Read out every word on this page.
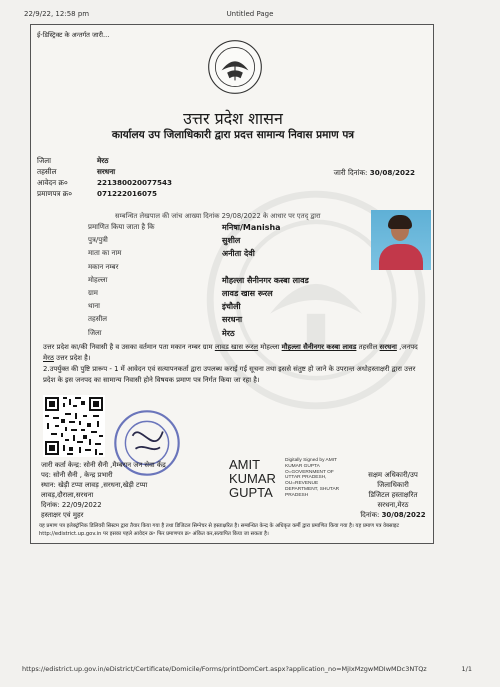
22/9/22, 12:58 pm	Untitled Page
ई-डिस्ट्रिक्ट के अन्तर्गत जारी...
उत्तर प्रदेश शासन
कार्यालय उप जिलाधिकारी द्वारा प्रदत्त सामान्य निवास प्रमाण पत्र
जिला	मेरठ
तहसील	सरधना
आवेदन क्र०	221380020077543
प्रमाणपत्र क्र०	071222016075
जारी दिनांक: 30/08/2022
सम्बन्धित लेखपाल की जांच आख्या दिनांक 29/08/2022 के आधार पर एतद् द्वारा
प्रमाणित किया जाता है कि	मनिषा/Manisha
पुत्र/पुत्री	सुशील
माता का नाम	अनीता देवी
मकान नम्बर
मोहल्ला	मौहल्ला सैनीनगर कस्बा लावड
ग्राम	लावड खास रूरल
थाना	इंचौली
तहसील	सरधना
जिला	मेरठ
उत्तर प्रदेश का/की निवासी है व उसका वर्तमान पता मकान नम्बर ग्राम लावड खास रूरल मोहल्ला मौहल्ला सैनीनगर कस्बा लावड तहसील सरधना ,जनपद मेरठ उत्तर प्रदेश है।
2.उपर्युक्त की पुष्टि प्रारूप - 1 में आवेदन एवं सत्यापनकर्ता द्वारा उपलब्ध कराई गई सूचना तथा इससे संतुष्ट हो जाने के उपरान्त अधोहस्ताक्षरी द्वारा उत्तर प्रदेश के इस जनपद का सामान्य निवासी होने विषयक प्रमाण पत्र निर्गत किया जा रहा है।
जारी कर्ता केन्द्र: सोनी सैनी ,मैम्बरान जन सेवा केंद्र
पद: सोनी सैनी , केन्द्र प्रभारी
स्थान: खेड़ी टप्पा लावड़ ,सरधना,खेड़ी टप्पा
लावड़,दौराला,सरधना
दिनांक: 22/09/2022
हस्ताक्षर एवं मुहर
AMIT
KUMAR
GUPTA
Digitally Signed by AMIT
KUMAR GUPTA
O=GOVERNMENT OF
UTTAR PRADESH,
OU=REVENUE
DEPARTMENT, SHUTAR
PRADESH
सक्षम अधिकारी/उप जिलाधिकारी
डिजिटल हस्ताक्षरित
सरधना,मेरठ
दिनांक: 30/08/2022
यह प्रमाण पत्र इलेक्ट्रॉनिक डिलिवरी सिस्टम द्वारा तैयार किया गया है तथा डिजिटल सिग्नेचर से हस्ताक्षरित है। सम्बन्धित केन्द्र के अधिकृत कर्मी द्वारा प्रमाणित किया गया है। यह प्रमाण पत्र वेबसाइट http://edistrict.up.gov.in पर इसका पहले आवेदन क्र॰ फिर प्रमाणपत्र क्र॰ अंकित कर,सत्यापित किया जा सकता है।
https://edistrict.up.gov.in/eDistrict/Certificate/Domicile/Forms/printDomCert.aspx?application_no=MjIxMzgwMDIwMDc3NTQz	1/1
